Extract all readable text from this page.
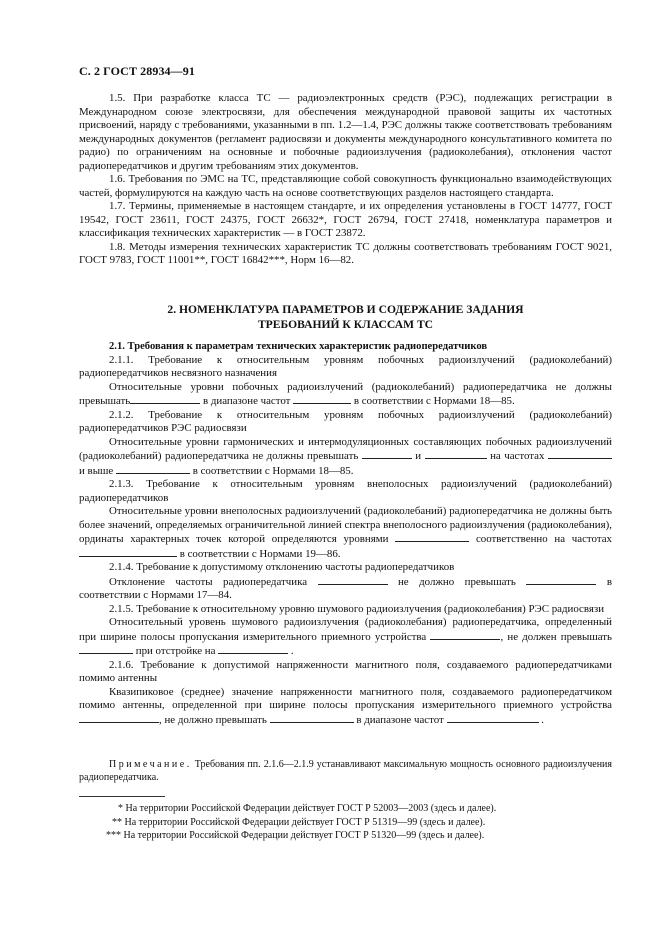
С. 2 ГОСТ 28934—91

1.5. При разработке класса ТС — радиоэлектронных средств (РЭС), подлежащих регистрации в Международном союзе электросвязи, для обеспечения международной правовой защиты их частотных присвоений, наряду с требованиями, указанными в пп. 1.2—1.4, РЭС должны также соответствовать требованиям международных документов (регламент радиосвязи и документы международного консультативного комитета по радио) по ограничениям на основные и побочные радиоизлучения (радиоколебания), отклонения частот радиопередатчиков и другим требованиям этих документов.

1.6. Требования по ЭМС на ТС, представляющие собой совокупность функционально взаимодействующих частей, формулируются на каждую часть на основе соответствующих разделов настоящего стандарта.

1.7. Термины, применяемые в настоящем стандарте, и их определения установлены в ГОСТ 14777, ГОСТ 19542, ГОСТ 23611, ГОСТ 24375, ГОСТ 26632*, ГОСТ 26794, ГОСТ 27418, номенклатура параметров и классификация технических характеристик — в ГОСТ 23872.

1.8. Методы измерения технических характеристик ТС должны соответствовать требованиям ГОСТ 9021, ГОСТ 9783, ГОСТ 11001**, ГОСТ 16842***, Норм 16—82.

2. НОМЕНКЛАТУРА ПАРАМЕТРОВ И СОДЕРЖАНИЕ ЗАДАНИЯ

ТРЕБОВАНИЙ К КЛАССАМ ТС

2.1. Требования к параметрам технических характеристик радиопередатчиков

2.1.1. Требование к относительным уровням побочных радиоизлучений (радиоколебаний) радиопередатчиков несвязного назначения

Относительные уровни побочных радиоизлучений (радиоколебаний) радиопередатчика не должны превышать	в диапазоне частот	в соответствии с Нормами 18—85.

2.1.2. Требование к относительным уровням побочных радиоизлучений (радиоколебаний) радиопередатчиков РЭС радиосвязи

Относительные уровни гармонических и интермодуляционных составляющих побочных радиоизлучений (радиоколебаний) радиопередатчика не должны превышать	и	на частотах  и выше	в соответствии с Нормами 18—85.

2.1.3. Требование к относительным уровням внеполосных радиоизлучений (радиоколебаний) радиопередатчиков

Относительные уровни внеполосных радиоизлучений (радиоколебаний) радиопередатчика не должны быть более значений, определяемых ограничительной линией спектра внеполосного радиоизлучения (радиоколебания), ординаты характерных точек которой определяются уровнями	соответственно на частотах  в соответствии с Нормами 19—86.

2.1.4. Требование к допустимому отклонению частоты радиопередатчиков

Отклонение частоты радиопередатчика	не должно превышать	в соответствии с Нормами 17—84.

2.1.5. Требование к относительному уровню шумового радиоизлучения (радиоколебания) РЭС радиосвязи

Относительный уровень шумового радиоизлучения (радиоколебания) радиопередатчика, определенный при ширине полосы пропускания измерительного приемного устройства	, не должен превышать  при отстройке на	.

2.1.6. Требование к допустимой напряженности магнитного поля, создаваемого радиопередатчиками помимо антенны

Квазипиковое (среднее) значение напряженности магнитного поля, создаваемого радиопередатчиком помимо антенны, определенной при ширине полосы пропускания измерительного приемного устройства , не должно превышать	в диапазоне частот	.

Примечание. Требования пп. 2.1.6—2.1.9 устанавливают максимальную мощность основного радиоизлучения радиопередатчика.

* На территории Российской Федерации действует ГОСТ Р 52003—2003 (здесь и далее).
** На территории Российской Федерации действует ГОСТ Р 51319—99 (здесь и далее).
*** На территории Российской Федерации действует ГОСТ Р 51320—99 (здесь и далее).
